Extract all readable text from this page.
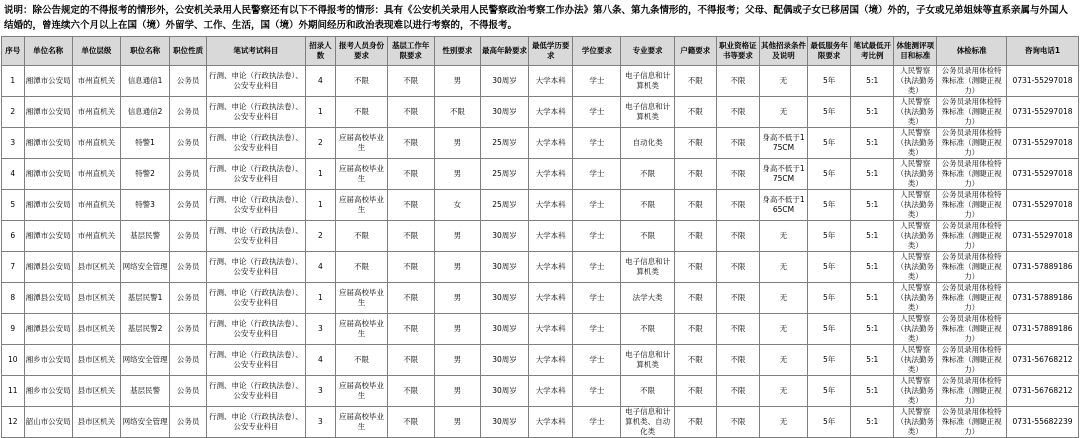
说明：除公告规定的不得报考的情形外，公安机关录用人民警察还有以下不得报考的情形：具有《公安机关录用人民警察政治考察工作办法》第八条、第九条情形的，不得报考；父母、配偶或子女已移居国（境）外的，子女或兄弟姐妹等直系亲属与外国人结婚的，曾连续六个月以上在国（境）外留学、工作、生活，国（境）外期间经历和政治表现难以进行考察的，不得报考。
序号	单位名称	单位层级	职位名称	职位性质	笔试考试科目	招录人数	报考人员身份要求	基层工作年限要求	性别要求	最高年龄要求	最低学历要求	学位要求	专业要求	户籍要求	职业资格证书等要求	其他招录条件及说明	最低服务年限要求	笔试最低开考比例	体能测评项目和标准	体检标准	咨询电话1
1	湘潭市公安局	市州直机关	信息通信1	公务员	行测、申论（行政执法卷）、公安专业科目	4	不限	不限	男	30周岁	大学本科	学士	电子信息和计算机类	不限	不限	无	5年	5:1	人民警察（执法勤务类）	公务员录用体检特殊标准（测睫正视力）	0731-55297018
2	湘潭市公安局	市州直机关	信息通信2	公务员	行测、申论（行政执法卷）、公安专业科目	1	不限	不限	不限	30周岁	大学本科	学士	电子信息和计算机类	不限	不限	无	5年	5:1	人民警察（执法勤务类）	公务员录用体检特殊标准（测睫正视力）	0731-55297018
3	湘潭市公安局	市州直机关	特警1	公务员	行测、申论（行政执法卷）、公安专业科目	2	应届高校毕业生	不限	男	25周岁	大学本科	学士	自动化类	不限	不限	身高不低于175CM	5年	5:1	人民警察（执法勤务类）	公务员录用体检特殊标准（测睫正视力）	0731-55297018
4	湘潭市公安局	市州直机关	特警2	公务员	行测、申论（行政执法卷）、公安专业科目	1	应届高校毕业生	不限	男	25周岁	大学本科	学士	不限	不限	不限	身高不低于175CM	5年	5:1	人民警察（执法勤务类）	公务员录用体检特殊标准（测睫正视力）	0731-55297018
5	湘潭市公安局	市州直机关	特警3	公务员	行测、申论（行政执法卷）、公安专业科目	1	应届高校毕业生	不限	女	25周岁	大学本科	学士	不限	不限	不限	身高不低于165CM	5年	5:1	人民警察（执法勤务类）	公务员录用体检特殊标准（测睫正视力）	0731-55297018
6	湘潭市公安局	市州直机关	基层民警	公务员	行测、申论（行政执法卷）、公安专业科目	2	不限	不限	男	30周岁	大学本科	学士	不限	不限	不限	无	5年	5:1	人民警察（执法勤务类）	公务员录用体检特殊标准（测睫正视力）	0731-55297018
7	湘潭县公安局	县市区机关	网络安全管理	公务员	行测、申论（行政执法卷）、公安专业科目	4	不限	不限	男	30周岁	大学本科	学士	电子信息和计算机类	不限	不限	无	5年	5:1	人民警察（执法勤务类）	公务员录用体检特殊标准（测睫正视力）	0731-57889186
8	湘潭县公安局	县市区机关	基层民警1	公务员	行测、申论（行政执法卷）、公安专业科目	1	应届高校毕业生	不限	男	30周岁	大学本科	学士	法学大类	不限	不限	无	5年	5:1	人民警察（执法勤务类）	公务员录用体检特殊标准（测睫正视力）	0731-57889186
9	湘潭县公安局	县市区机关	基层民警2	公务员	行测、申论（行政执法卷）、公安专业科目	3	应届高校毕业生	不限	男	30周岁	大学本科	学士	不限	不限	不限	无	5年	5:1	人民警察（执法勤务类）	公务员录用体检特殊标准（测睫正视力）	0731-57889186
10	湘乡市公安局	县市区机关	网络安全管理	公务员	行测、申论（行政执法卷）、公安专业科目	4	不限	不限	男	30周岁	大学本科	学士	电子信息和计算机类	不限	不限	无	5年	5:1	人民警察（执法勤务类）	公务员录用体检特殊标准（测睫正视力）	0731-56768212
11	湘乡市公安局	县市区机关	基层民警	公务员	行测、申论（行政执法卷）、公安专业科目	3	应届高校毕业生	不限	男	30周岁	大学本科	学士	不限	不限	不限	无	5年	5:1	人民警察（执法勤务类）	公务员录用体检特殊标准（测睫正视力）	0731-56768212
12	韶山市公安局	县市区机关	网络安全管理	公务员	行测、申论（行政执法卷）、公安专业科目	3	应届高校毕业生	不限	男	30周岁	大学本科	学士	电子信息和计算机类、自动化类	不限	不限	无	5年	5:1	人民警察（执法勤务类）	公务员录用体检特殊标准（测睫正视力）	0731-55682239
